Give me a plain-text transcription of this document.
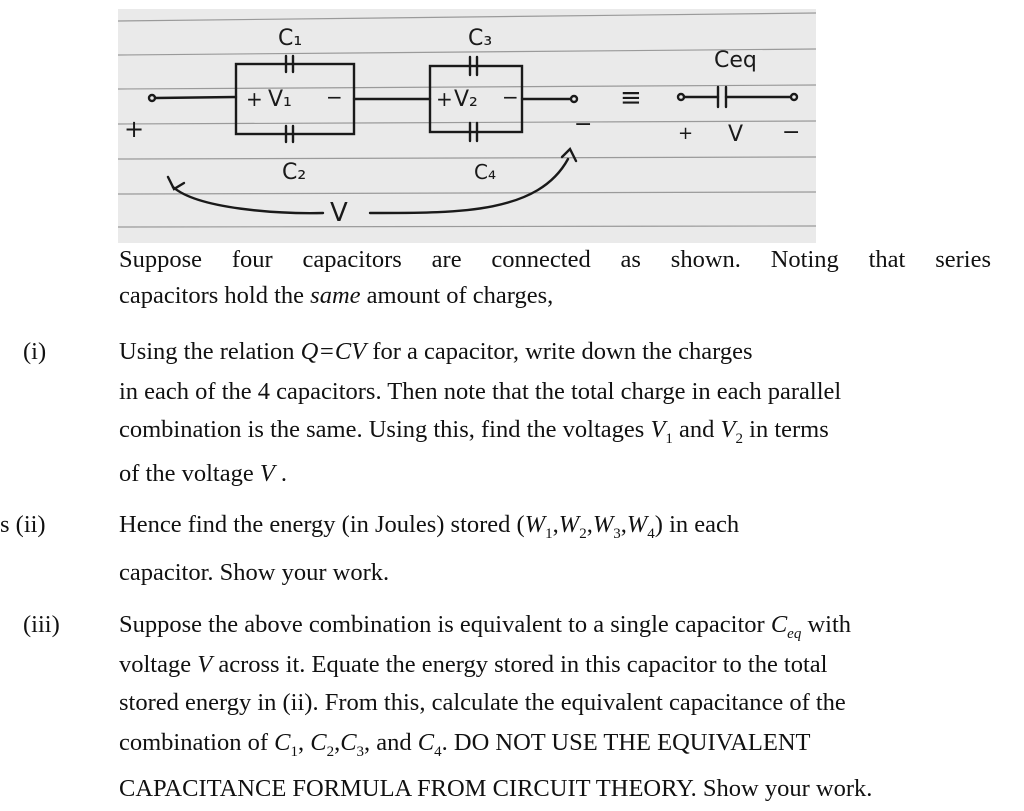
C₁
C₂
C₃
C₄
Ceq
+ V₁ −	+ V₂ −
+	−
≡
+ V −
V
Suppose four capacitors are connected as shown. Noting that series
capacitors hold the same amount of charges,
(i)	Using the relation Q=CV for a capacitor, write down the charges
in each of the 4 capacitors. Then note that the total charge in each parallel
combination is the same. Using this, find the voltages $V_1$ and $V_2$ in terms
of the voltage V .
s (ii)	Hence find the energy (in Joules) stored $(W_1,W_2,W_3,W_4)$ in each
capacitor. Show your work.
(iii) Suppose the above combination is equivalent to a single capacitor $C_{eq}$ with
voltage V across it. Equate the energy stored in this capacitor to the total
stored energy in (ii). From this, calculate the equivalent capacitance of the
combination of $C_1$, $C_2,C_3$, and $C_4$. DO NOT USE THE EQUIVALENT
CAPACITANCE FORMULA FROM CIRCUIT THEORY. Show your work.
